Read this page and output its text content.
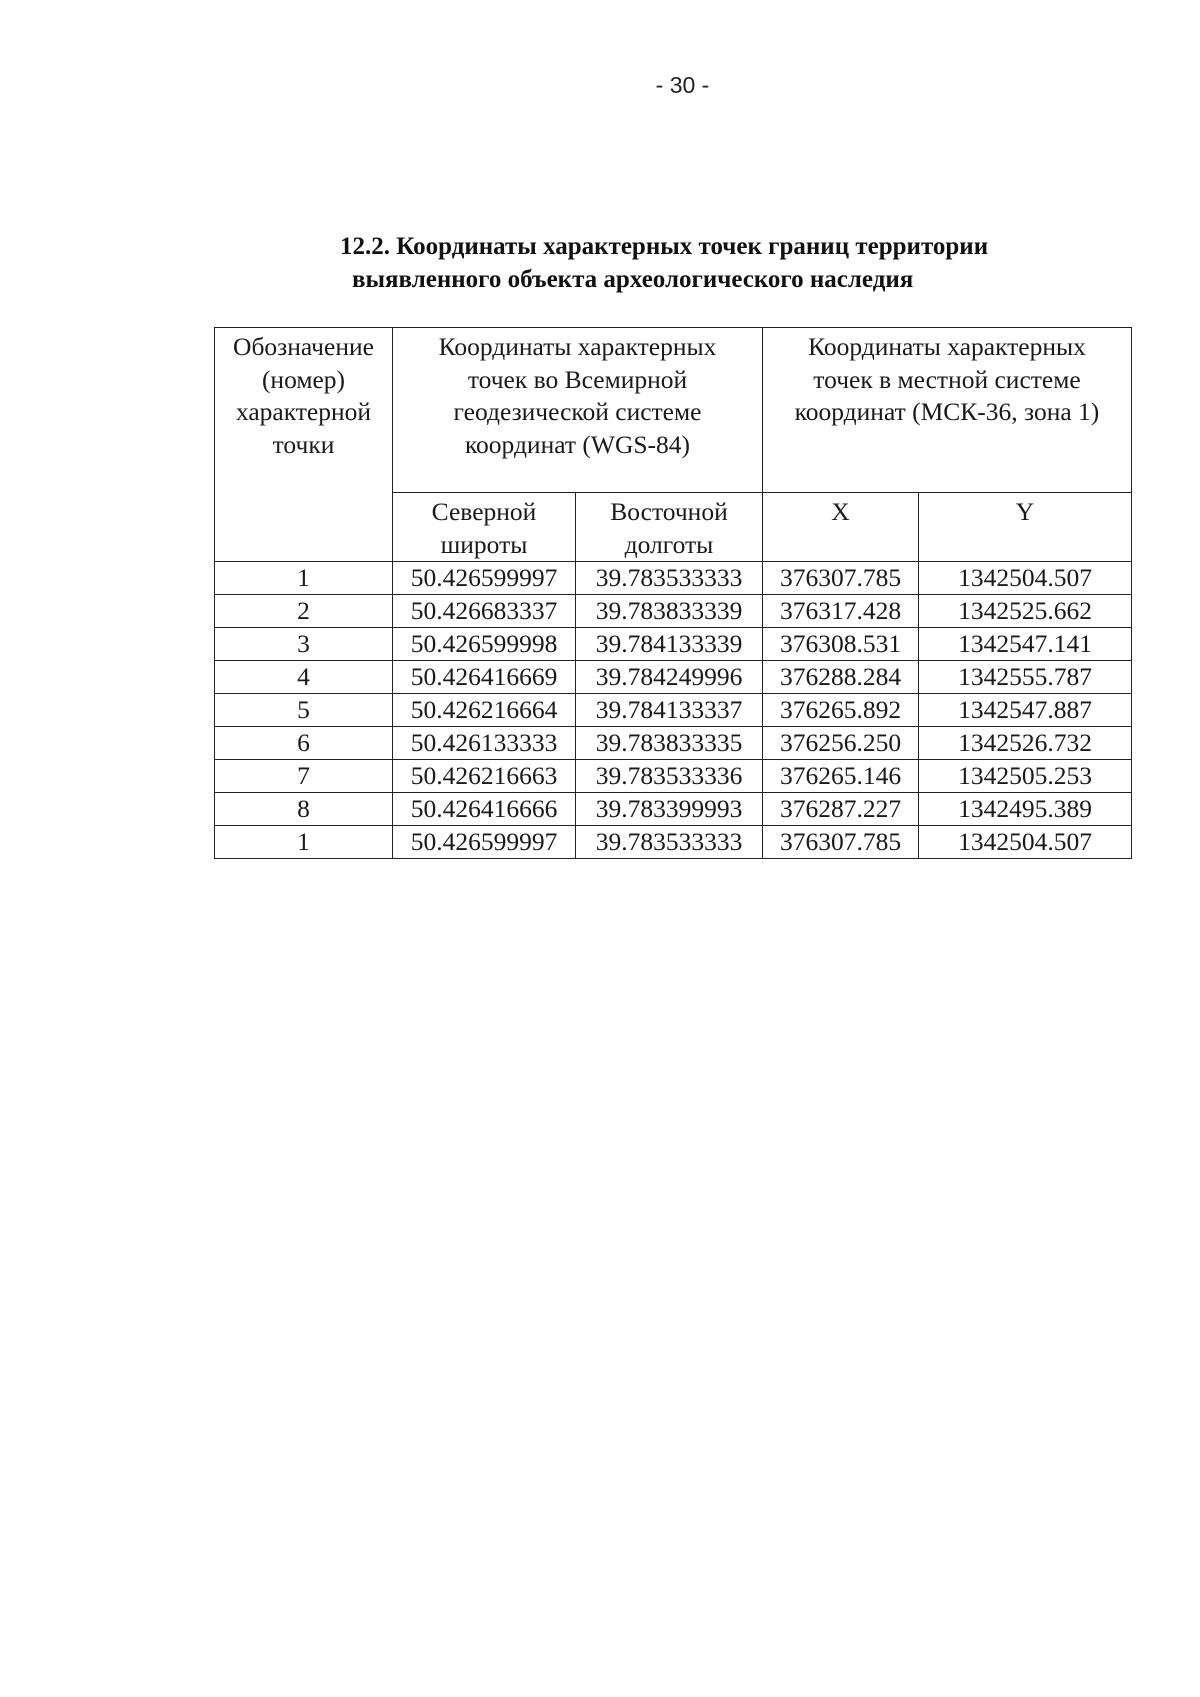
- 30 -
12.2. Координаты характерных точек границ территории
выявленного объекта археологического наследия
Обозначение (номер) характерной точки	Координаты характерных точек во Всемирной геодезической системе координат (WGS-84)		Координаты характерных точек в местной системе координат (МСК-36, зона 1)	
	Северной широты	Восточной долготы	X	Y
1	50.426599997	39.783533333	376307.785	1342504.507
2	50.426683337	39.783833339	376317.428	1342525.662
3	50.426599998	39.784133339	376308.531	1342547.141
4	50.426416669	39.784249996	376288.284	1342555.787
5	50.426216664	39.784133337	376265.892	1342547.887
6	50.426133333	39.783833335	376256.250	1342526.732
7	50.426216663	39.783533336	376265.146	1342505.253
8	50.426416666	39.783399993	376287.227	1342495.389
1	50.426599997	39.783533333	376307.785	1342504.507
